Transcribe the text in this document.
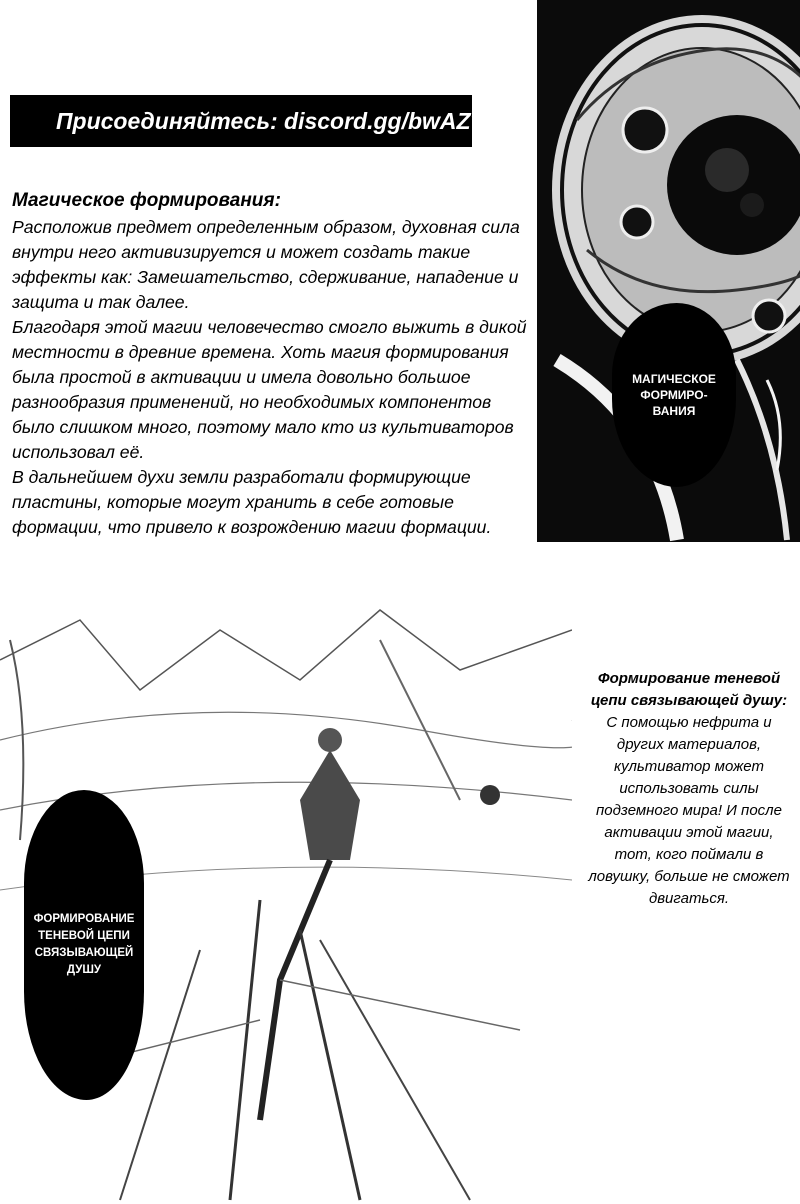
Присоединяйтесь: discord.gg/bwAZvCs
Магическое формирования:

Расположив предмет определенным образом, духовная сила внутри него активизируется и может создать такие эффекты как: Замешательство, сдерживание, нападение и защита и так далее.

Благодаря этой магии человечество смогло выжить в дикой местности в древние времена. Хоть магия формирования была простой в активации и имела довольно большое разнообразия применений, но необходимых компонентов было слишком много, поэтому мало кто из культиваторов использовал её.

В дальнейшем духи земли разработали формирующие пластины, которые могут хранить в себе готовые формации, что привело к возрождению магии формации.

МАГИЧЕСКОЕ ФОРМИРО-ВАНИЯ
ФОРМИРОВАНИЕ ТЕНЕВОЙ ЦЕПИ СВЯЗЫВАЮЩЕЙ ДУШУ
Формирование теневой цепи связывающей душу:
С помощью нефрита и других материалов, культиватор может использовать силы подземного мира! И после активации этой магии, тот, кого поймали в ловушку, больше не сможет двигаться.
